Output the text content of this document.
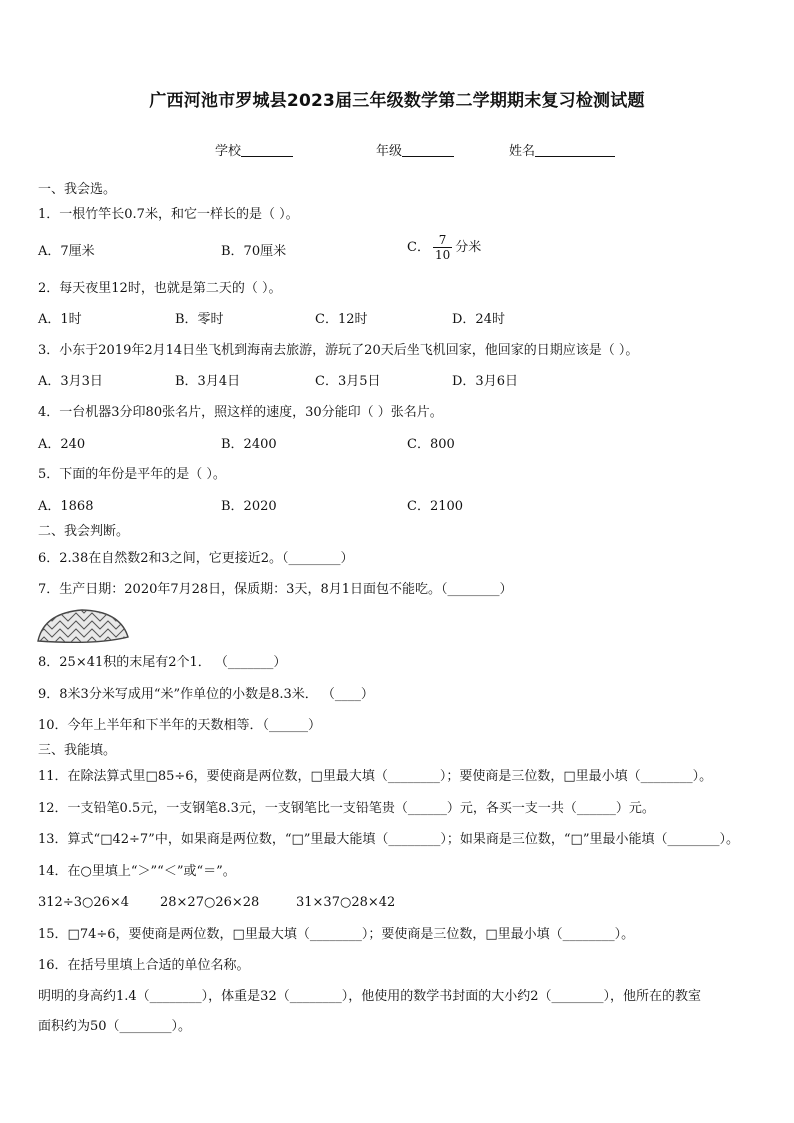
广西河池市罗城县2023届三年级数学第二学期期末复习检测试题
学校	年级	姓名
一、我会选。
1．一根竹竿长0.7米，和它一样长的是（ ）。
A．7厘米	B．70厘米	C． $\frac{7}{10}$ 分米
2．每天夜里12时，也就是第二天的（ ）。
A．1时	B．零时	C．12时	D．24时
3．小东于2019年2月14日坐飞机到海南去旅游，游玩了20天后坐飞机回家，他回家的日期应该是（ ）。
A．3月3日	B．3月4日	C．3月5日	D．3月6日
4．一台机器3分印80张名片，照这样的速度，30分能印（ ）张名片。
A．240	B．2400	C．800
5．下面的年份是平年的是（ ）。
A．1868	B．2020	C．2100
二、我会判断。
6．2.38在自然数2和3之间，它更接近2。（________）
7．生产日期：2020年7月28日，保质期：3天，8月1日面包不能吃。（________）
8．25×41积的末尾有2个1． （_______）
9．8米3分米写成用“米”作单位的小数是8.3米． （____）
10．今年上半年和下半年的天数相等．（______）
三、我能填。
11．在除法算式里□85÷6，要使商是两位数，□里最大填（________）；要使商是三位数，□里最小填（________）。
12．一支铅笔0.5元，一支钢笔8.3元，一支钢笔比一支铅笔贵（______）元，各买一支一共（______）元。
13．算式“□42÷7”中，如果商是两位数，“□”里最大能填（________）；如果商是三位数，“□”里最小能填（________）。
14．在○里填上“＞”“＜”或“＝”。
312÷3○26×4 28×27○26×28	31×37○28×42
15．□74÷6，要使商是两位数，□里最大填（________）；要使商是三位数，□里最小填（________）。
16．在括号里填上合适的单位名称。
明明的身高约1.4（________），体重是32（________），他使用的数学书封面的大小约2（________），他所在的教室
面积约为50（________）。
